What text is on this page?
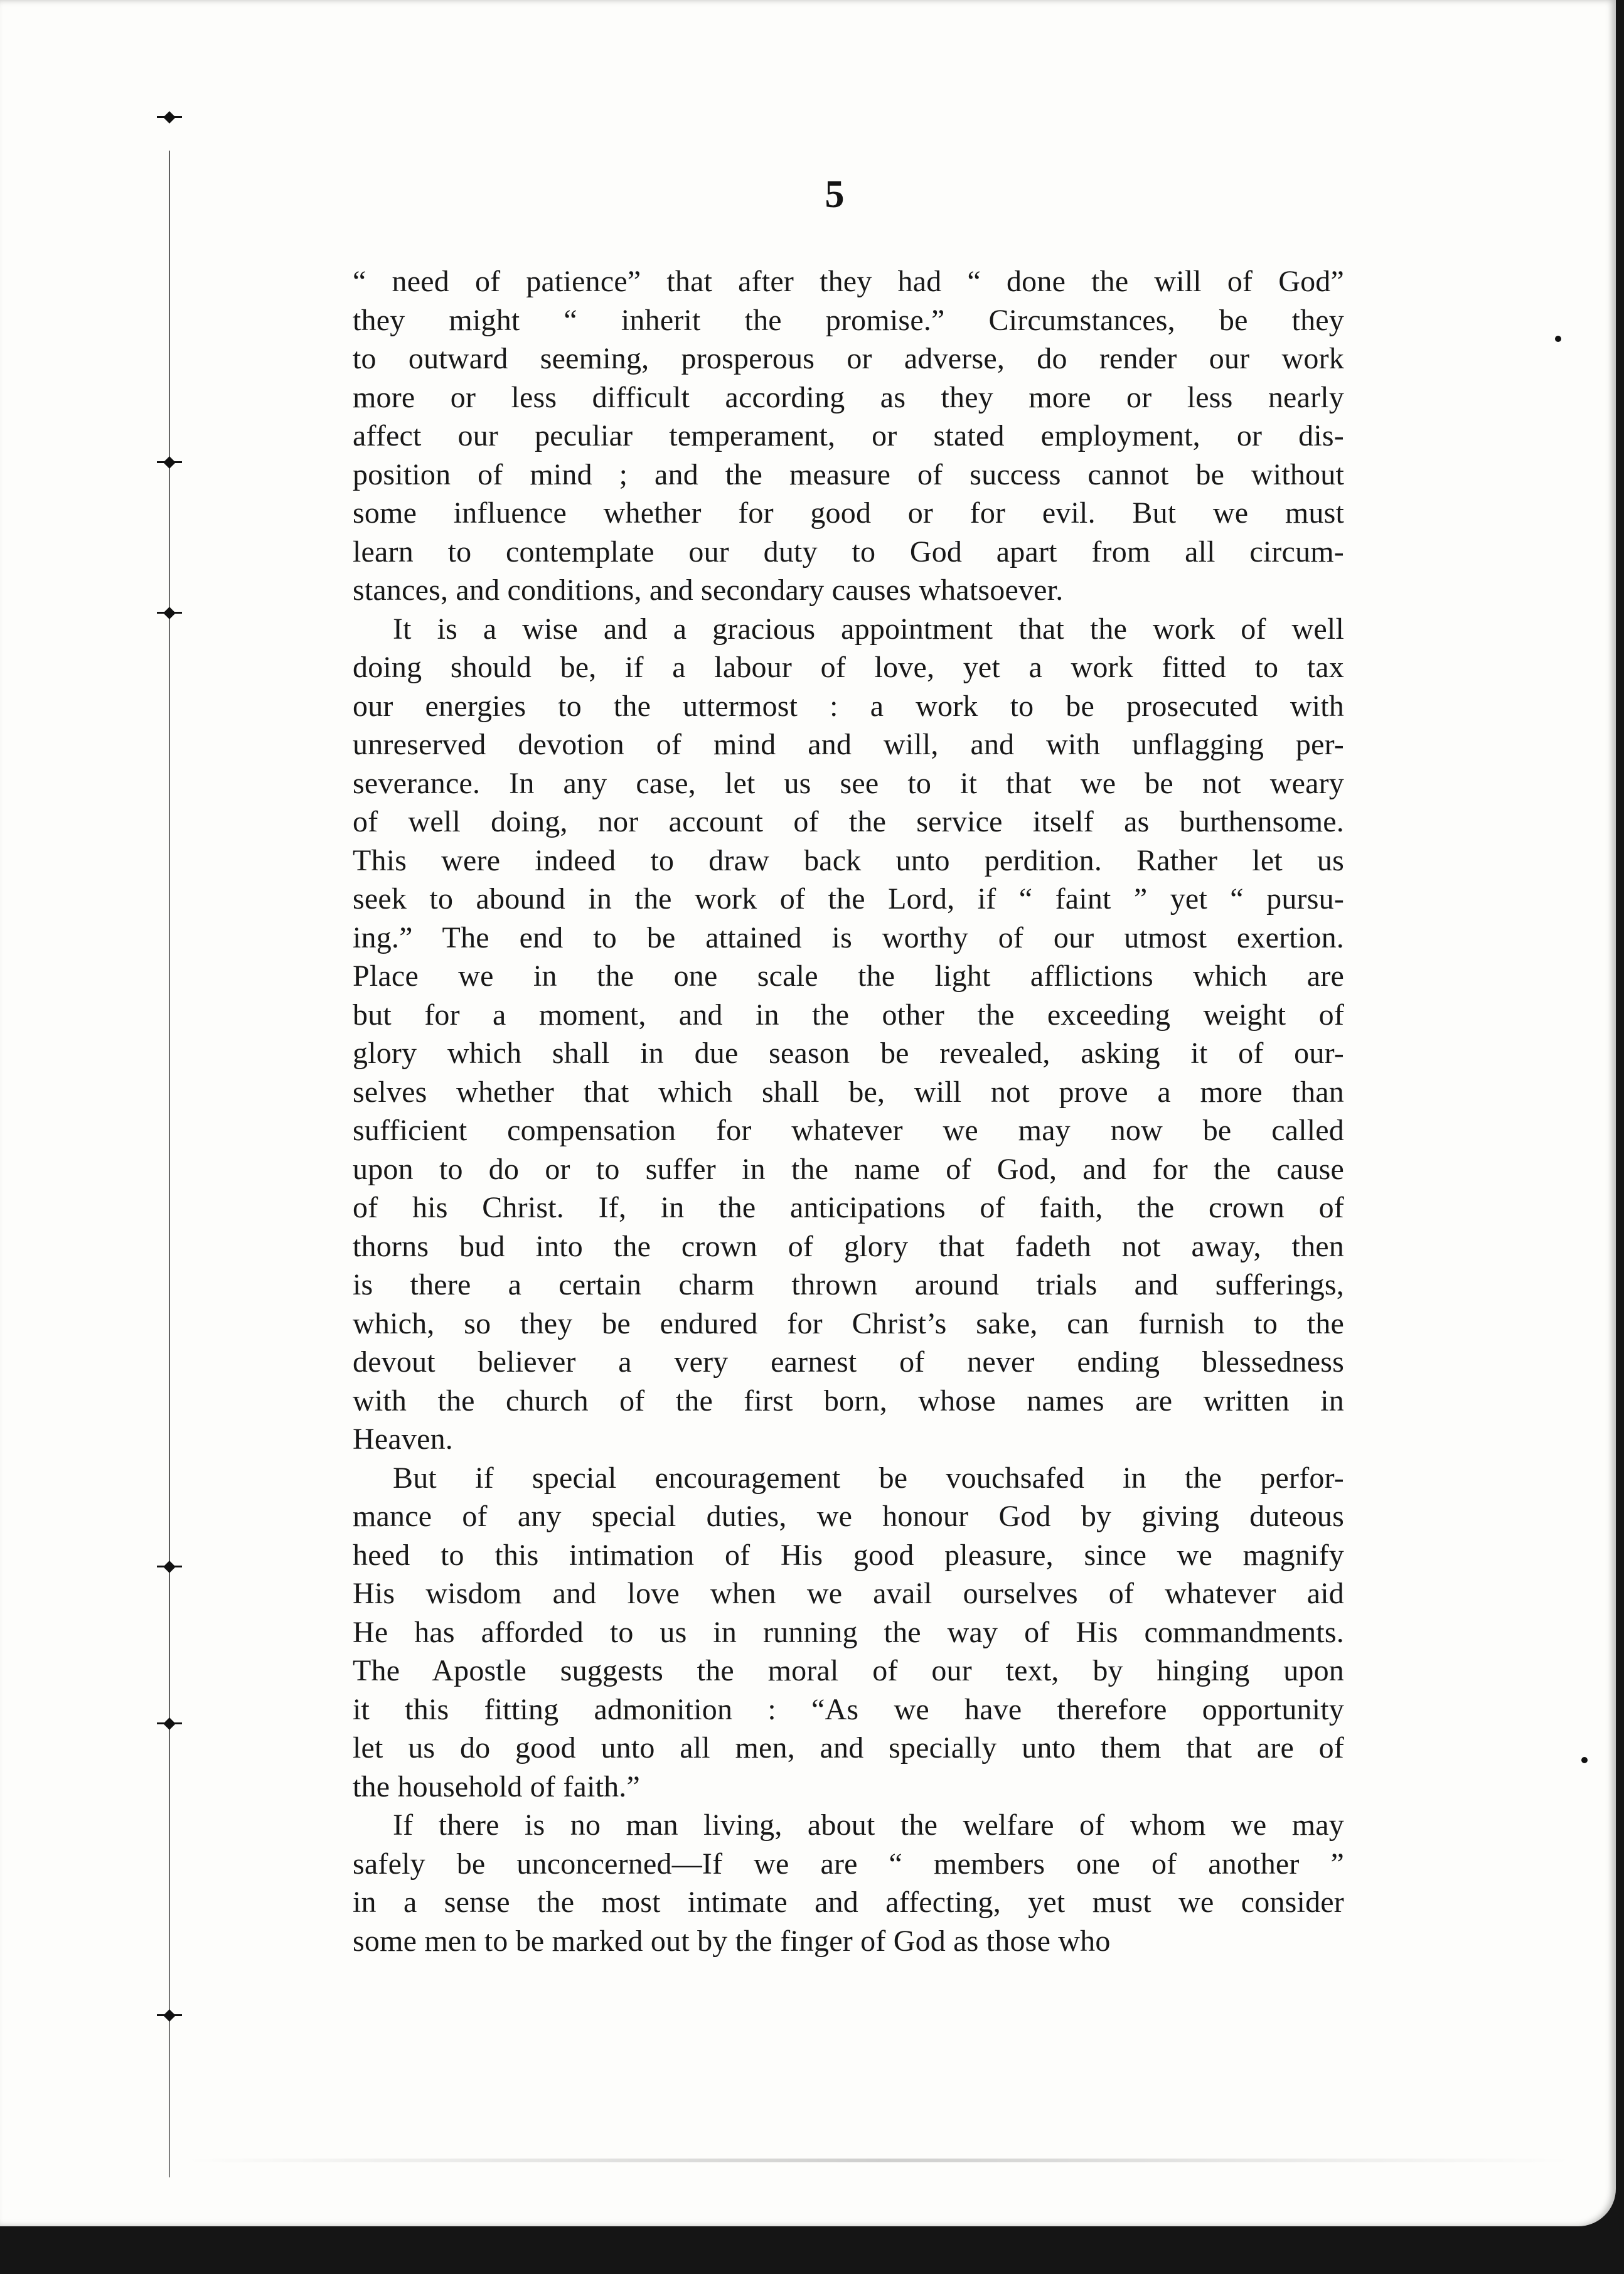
5
“ need of patience” that after they had “ done the will of God”
they might “ inherit the promise.” Circumstances, be they
to outward seeming, prosperous or adverse, do render our work
more or less difficult according as they more or less nearly
affect our peculiar temperament, or stated employment, or dis-
position of mind ; and the measure of success cannot be without
some influence whether for good or for evil. But we must
learn to contemplate our duty to God apart from all circum-
stances, and conditions, and secondary causes whatsoever.
It is a wise and a gracious appointment that the work of well
doing should be, if a labour of love, yet a work fitted to tax
our energies to the uttermost : a work to be prosecuted with
unreserved devotion of mind and will, and with unflagging per-
severance. In any case, let us see to it that we be not weary
of well doing, nor account of the service itself as burthensome.
This were indeed to draw back unto perdition. Rather let us
seek to abound in the work of the Lord, if “ faint ” yet “ pursu-
ing.” The end to be attained is worthy of our utmost exertion.
Place we in the one scale the light afflictions which are
but for a moment, and in the other the exceeding weight of
glory which shall in due season be revealed, asking it of our-
selves whether that which shall be, will not prove a more than
sufficient compensation for whatever we may now be called
upon to do or to suffer in the name of God, and for the cause
of his Christ. If, in the anticipations of faith, the crown of
thorns bud into the crown of glory that fadeth not away, then
is there a certain charm thrown around trials and sufferings,
which, so they be endured for Christ’s sake, can furnish to the
devout believer a very earnest of never ending blessedness
with the church of the first born, whose names are written in
Heaven.
But if special encouragement be vouchsafed in the perfor-
mance of any special duties, we honour God by giving duteous
heed to this intimation of His good pleasure, since we magnify
His wisdom and love when we avail ourselves of whatever aid
He has afforded to us in running the way of His commandments.
The Apostle suggests the moral of our text, by hinging upon
it this fitting admonition : “As we have therefore opportunity
let us do good unto all men, and specially unto them that are of
the household of faith.”
If there is no man living, about the welfare of whom we may
safely be unconcerned—If we are “ members one of another ”
in a sense the most intimate and affecting, yet must we consider
some men to be marked out by the finger of God as those who
